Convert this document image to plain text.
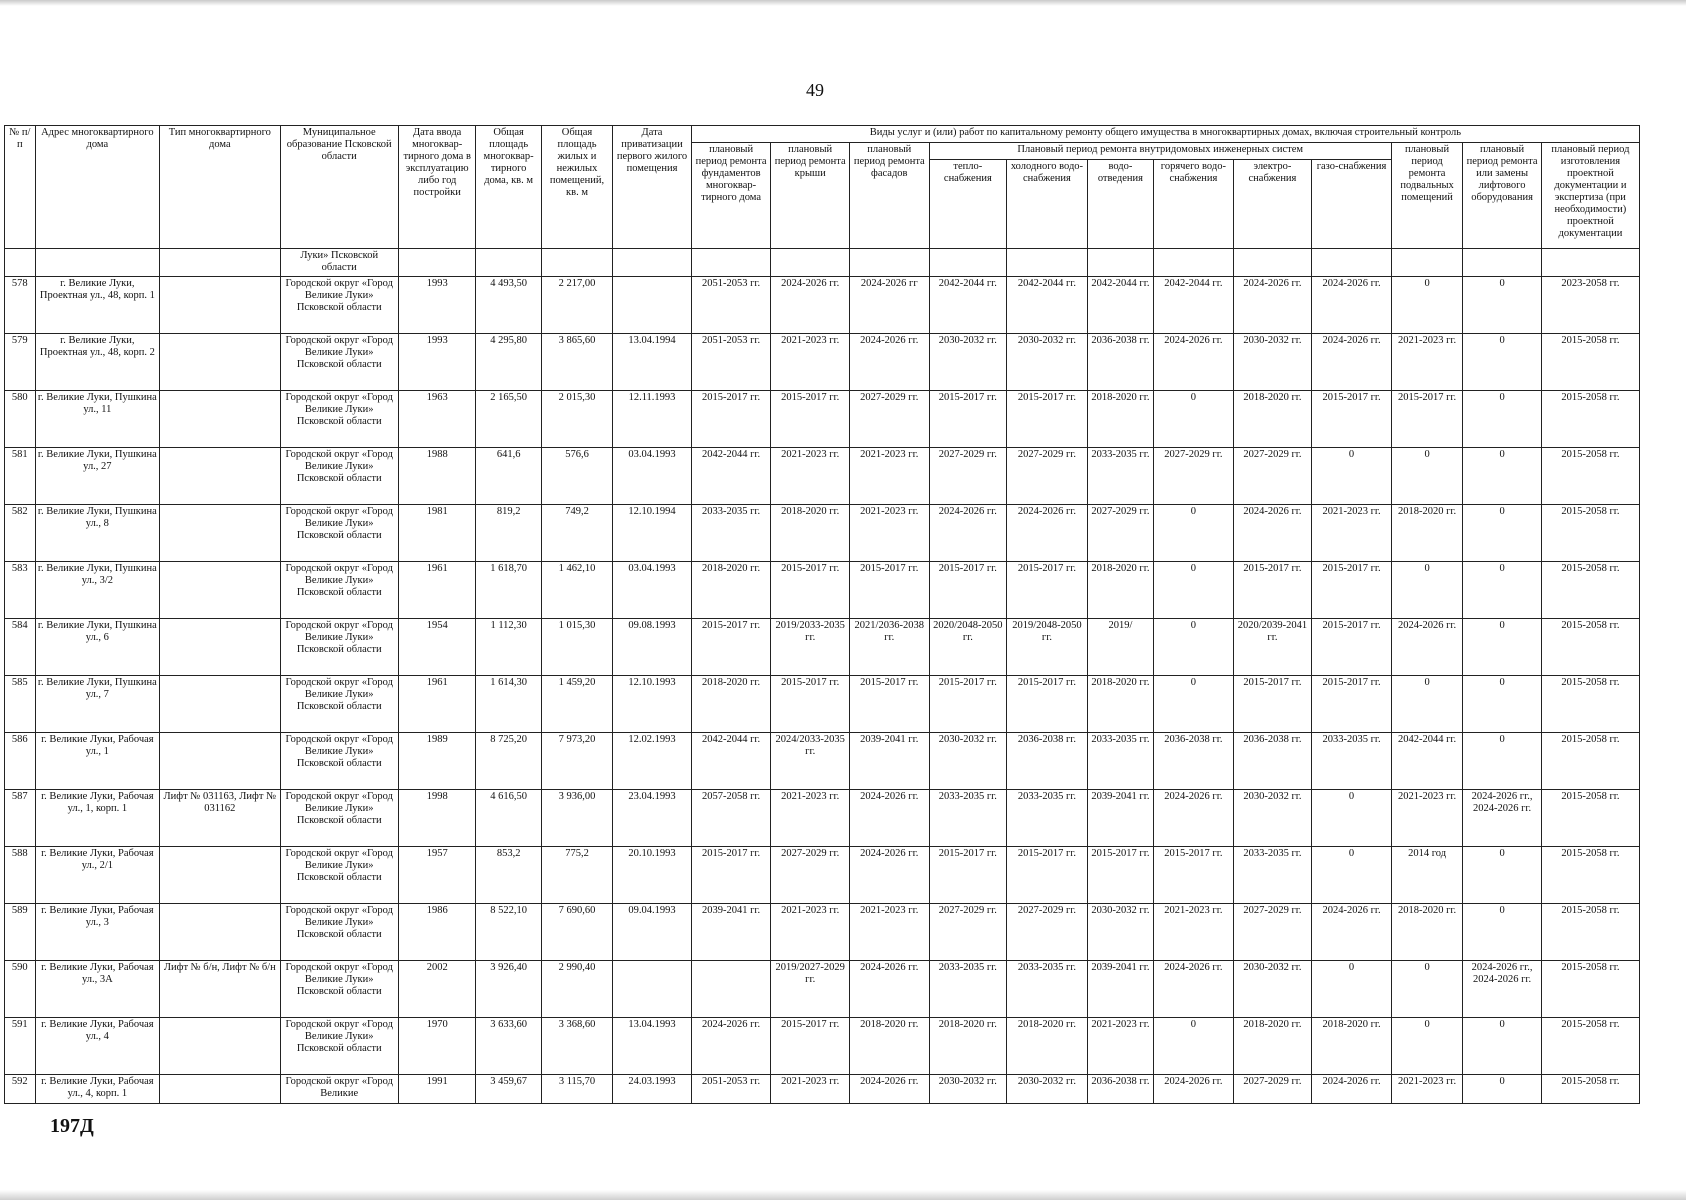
49
№ п/п	Адрес многоквартирного дома	Тип многоквартирного дома	Муниципальное образование Псковской области	Дата ввода многоквар-тирного дома в эксплуатацию либо год постройки	Общая площадь многоквар-тирного дома, кв. м	Общая площадь жилых и нежилых помещений, кв. м	Дата приватизации первого жилого помещения	Виды услуг и (или) работ по капитальному ремонту общего имущества в многоквартирных домах, включая строительный контроль											
								плановый период ремонта фундаментов многоквар-тирного дома	плановый период ремонта крыши	плановый период ремонта фасадов	Плановый период ремонта внутридомовых инженерных систем						плановый период ремонта подвальных помещений	плановый период ремонта или замены лифтового оборудования	плановый период изготовления проектной документации и экспертиза (при необходимости) проектной документации
											тепло-снабжения	холодного водо-снабжения	водо-отведения	горячего водо-снабжения	электро-снабжения	газо-снабжения			
			Луки» Псковской области																
578	г. Великие Луки, Проектная ул., 48, корп. 1		Городской округ «Город Великие Луки» Псковской области	1993	4 493,50	2 217,00		2051-2053 гг.	2024-2026 гг.	2024-2026 гг	2042-2044 гг.	2042-2044 гг.	2042-2044 гг.	2042-2044 гг.	2024-2026 гг.	2024-2026 гг.	0	0	2023-2058 гг.
579	г. Великие Луки, Проектная ул., 48, корп. 2		Городской округ «Город Великие Луки» Псковской области	1993	4 295,80	3 865,60	13.04.1994	2051-2053 гг.	2021-2023 гг.	2024-2026 гг.	2030-2032 гг.	2030-2032 гг.	2036-2038 гг.	2024-2026 гг.	2030-2032 гг.	2024-2026 гг.	2021-2023 гг.	0	2015-2058 гг.
580	г. Великие Луки, Пушкина ул., 11		Городской округ «Город Великие Луки» Псковской области	1963	2 165,50	2 015,30	12.11.1993	2015-2017 гг.	2015-2017 гг.	2027-2029 гг.	2015-2017 гг.	2015-2017 гг.	2018-2020 гг.	0	2018-2020 гг.	2015-2017 гг.	2015-2017 гг.	0	2015-2058 гг.
581	г. Великие Луки, Пушкина ул., 27		Городской округ «Город Великие Луки» Псковской области	1988	641,6	576,6	03.04.1993	2042-2044 гг.	2021-2023 гг.	2021-2023 гг.	2027-2029 гг.	2027-2029 гг.	2033-2035 гг.	2027-2029 гг.	2027-2029 гг.	0	0	0	2015-2058 гг.
582	г. Великие Луки, Пушкина ул., 8		Городской округ «Город Великие Луки» Псковской области	1981	819,2	749,2	12.10.1994	2033-2035 гг.	2018-2020 гг.	2021-2023 гг.	2024-2026 гг.	2024-2026 гг.	2027-2029 гг.	0	2024-2026 гг.	2021-2023 гг.	2018-2020 гг.	0	2015-2058 гг.
583	г. Великие Луки, Пушкина ул., 3/2		Городской округ «Город Великие Луки» Псковской области	1961	1 618,70	1 462,10	03.04.1993	2018-2020 гг.	2015-2017 гг.	2015-2017 гг.	2015-2017 гг.	2015-2017 гг.	2018-2020 гг.	0	2015-2017 гг.	2015-2017 гг.	0	0	2015-2058 гг.
584	г. Великие Луки, Пушкина ул., 6		Городской округ «Город Великие Луки» Псковской области	1954	1 112,30	1 015,30	09.08.1993	2015-2017 гг.	2019/2033-2035 гг.	2021/2036-2038 гг.	2020/2048-2050 гг.	2019/2048-2050 гг.	2019/	0	2020/2039-2041 гг.	2015-2017 гг.	2024-2026 гг.	0	2015-2058 гг.
585	г. Великие Луки, Пушкина ул., 7		Городской округ «Город Великие Луки» Псковской области	1961	1 614,30	1 459,20	12.10.1993	2018-2020 гг.	2015-2017 гг.	2015-2017 гг.	2015-2017 гг.	2015-2017 гг.	2018-2020 гг.	0	2015-2017 гг.	2015-2017 гг.	0	0	2015-2058 гг.
586	г. Великие Луки, Рабочая ул., 1		Городской округ «Город Великие Луки» Псковской области	1989	8 725,20	7 973,20	12.02.1993	2042-2044 гг.	2024/2033-2035 гг.	2039-2041 гг.	2030-2032 гг.	2036-2038 гг.	2033-2035 гг.	2036-2038 гг.	2036-2038 гг.	2033-2035 гг.	2042-2044 гг.	0	2015-2058 гг.
587	г. Великие Луки, Рабочая ул., 1, корп. 1	Лифт № 031163, Лифт № 031162	Городской округ «Город Великие Луки» Псковской области	1998	4 616,50	3 936,00	23.04.1993	2057-2058 гг.	2021-2023 гг.	2024-2026 гг.	2033-2035 гг.	2033-2035 гг.	2039-2041 гг.	2024-2026 гг.	2030-2032 гг.	0	2021-2023 гг.	2024-2026 гг., 2024-2026 гг.	2015-2058 гг.
588	г. Великие Луки, Рабочая ул., 2/1		Городской округ «Город Великие Луки» Псковской области	1957	853,2	775,2	20.10.1993	2015-2017 гг.	2027-2029 гг.	2024-2026 гг.	2015-2017 гг.	2015-2017 гг.	2015-2017 гг.	2015-2017 гг.	2033-2035 гг.	0	2014 год	0	2015-2058 гг.
589	г. Великие Луки, Рабочая ул., 3		Городской округ «Город Великие Луки» Псковской области	1986	8 522,10	7 690,60	09.04.1993	2039-2041 гг.	2021-2023 гг.	2021-2023 гг.	2027-2029 гг.	2027-2029 гг.	2030-2032 гг.	2021-2023 гг.	2027-2029 гг.	2024-2026 гг.	2018-2020 гг.	0	2015-2058 гг.
590	г. Великие Луки, Рабочая ул., 3А	Лифт № б/н, Лифт № б/н	Городской округ «Город Великие Луки» Псковской области	2002	3 926,40	2 990,40			2019/2027-2029 гг.	2024-2026 гг.	2033-2035 гг.	2033-2035 гг.	2039-2041 гг.	2024-2026 гг.	2030-2032 гг.	0	0	2024-2026 гг., 2024-2026 гг.	2015-2058 гг.
591	г. Великие Луки, Рабочая ул., 4		Городской округ «Город Великие Луки» Псковской области	1970	3 633,60	3 368,60	13.04.1993	2024-2026 гг.	2015-2017 гг.	2018-2020 гг.	2018-2020 гг.	2018-2020 гг.	2021-2023 гг.	0	2018-2020 гг.	2018-2020 гг.	0	0	2015-2058 гг.
592	г. Великие Луки, Рабочая ул., 4, корп. 1		Городской округ «Город Великие	1991	3 459,67	3 115,70	24.03.1993	2051-2053 гг.	2021-2023 гг.	2024-2026 гг.	2030-2032 гг.	2030-2032 гг.	2036-2038 гг.	2024-2026 гг.	2027-2029 гг.	2024-2026 гг.	2021-2023 гг.	0	2015-2058 гг.
197Д
